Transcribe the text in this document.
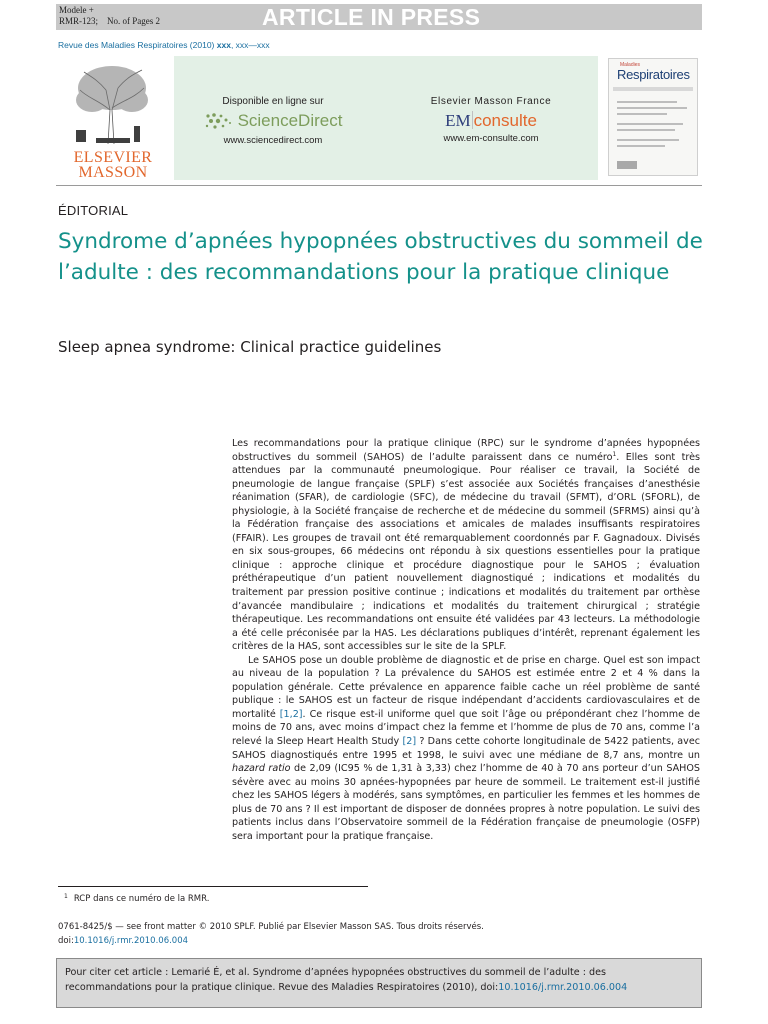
Modele +
RMR-123;    No. of Pages 2	ARTICLE IN PRESS
Revue des Maladies Respiratoires (2010) xxx, xxx—xxx
ELSEVIER
MASSON
Disponible en ligne sur
ScienceDirect
www.sciencedirect.com
Elsevier Masson France
EM consulte
www.em-consulte.com
Maladies
Respiratoires
ÉDITORIAL
Syndrome d’apnées hypopnées obstructives du sommeil de l’adulte : des recommandations pour la pratique clinique
Sleep apnea syndrome: Clinical practice guidelines

Les recommandations pour la pratique clinique (RPC) sur le syndrome d’apnées hypopnées obstructives du sommeil (SAHOS) de l’adulte paraissent dans ce numéro$^1$. Elles sont très attendues par la communauté pneumologique. Pour réaliser ce travail, la Société de pneumologie de langue française (SPLF) s’est associée aux Sociétés françaises d’anesthésie réanimation (SFAR), de cardiologie (SFC), de médecine du travail (SFMT), d’ORL (SFORL), de physiologie, à la Société française de recherche et de médecine du sommeil (SFRMS) ainsi qu’à la Fédération française des associations et amicales de malades insuffisants respiratoires (FFAIR). Les groupes de travail ont été remarquablement coordonnés par F. Gagnadoux. Divisés en six sous-groupes, 66 médecins ont répondu à six questions essentielles pour la pratique clinique : approche clinique et procédure diagnostique pour le SAHOS ; évaluation préthérapeutique d’un patient nouvellement diagnostiqué ; indications et modalités du traitement par pression positive continue ; indications et modalités du traitement par orthèse d’avancée mandibulaire ; indications et modalités du traitement chirurgical ; stratégie thérapeutique. Les recommandations ont ensuite été validées par 43 lecteurs. La méthodologie a été celle préconisée par la HAS. Les déclarations publiques d’intérêt, reprenant également les critères de la HAS, sont accessibles sur le site de la SPLF.

Le SAHOS pose un double problème de diagnostic et de prise en charge. Quel est son impact au niveau de la population ? La prévalence du SAHOS est estimée entre 2 et 4 % dans la population générale. Cette prévalence en apparence faible cache un réel problème de santé publique : le SAHOS est un facteur de risque indépendant d’accidents cardiovasculaires et de mortalité [1,2]. Ce risque est-il uniforme quel que soit l’âge ou prépondérant chez l’homme de moins de 70 ans, avec moins d’impact chez la femme et l’homme de plus de 70 ans, comme l’a relevé la Sleep Heart Health Study [2] ? Dans cette cohorte longitudinale de 5422 patients, avec SAHOS diagnostiqués entre 1995 et 1998, le suivi avec une médiane de 8,7 ans, montre un hazard ratio de 2,09 (IC95 % de 1,31 à 3,33) chez l’homme de 40 à 70 ans porteur d’un SAHOS sévère avec au moins 30 apnées-hypopnées par heure de sommeil. Le traitement est-il justifié chez les SAHOS légers à modérés, sans symptômes, en particulier les femmes et les hommes de plus de 70 ans ? Il est important de disposer de données propres à notre population. Le suivi des patients inclus dans l’Observatoire sommeil de la Fédération française de pneumologie (OSFP) sera important pour la pratique française.

$^1$ RCP dans ce numéro de la RMR.
0761-8425/$ — see front matter © 2010 SPLF. Publié par Elsevier Masson SAS. Tous droits réservés.
doi:10.1016/j.rmr.2010.06.004
Pour citer cet article : Lemarié É, et al. Syndrome d’apnées hypopnées obstructives du sommeil de l’adulte : des recommandations pour la pratique clinique. Revue des Maladies Respiratoires (2010), doi:10.1016/j.rmr.2010.06.004
